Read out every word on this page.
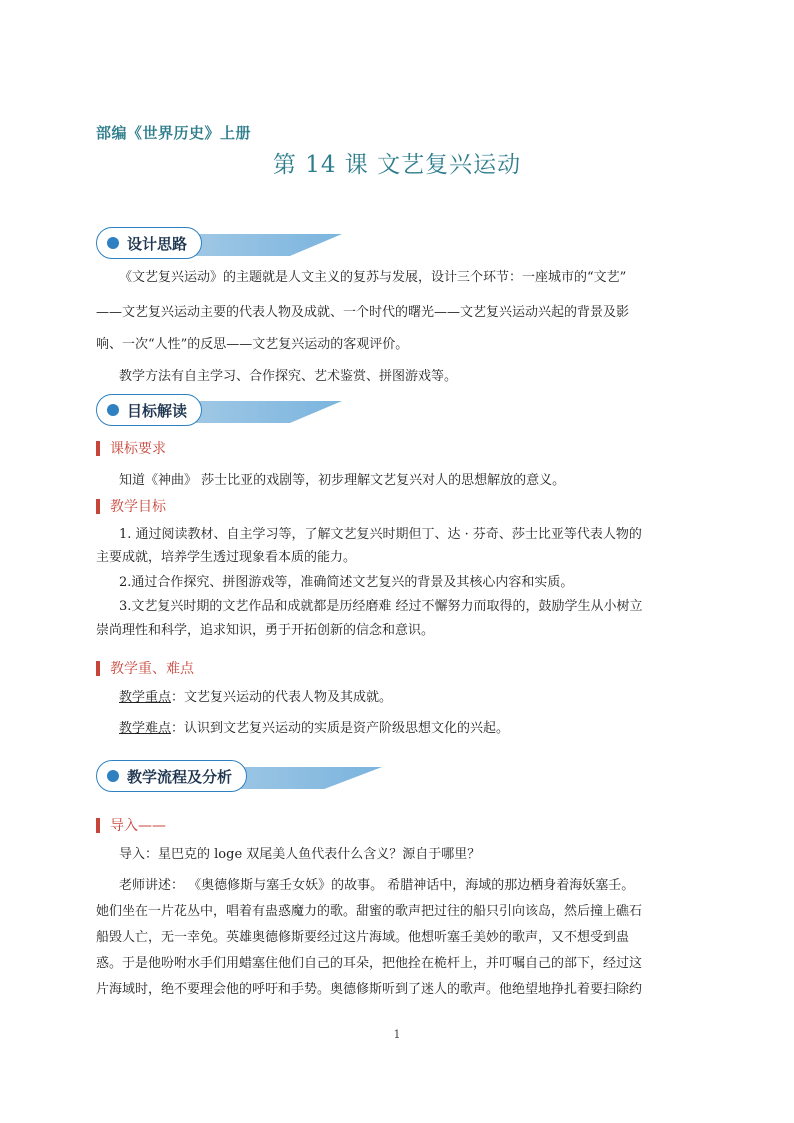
部编《世界历史》上册
第 14 课 文艺复兴运动
设计思路
《文艺复兴运动》的主题就是人文主义的复苏与发展，设计三个环节：一座城市的“文艺”
——文艺复兴运动主要的代表人物及成就、一个时代的曙光——文艺复兴运动兴起的背景及影
响、一次“人性”的反思——文艺复兴运动的客观评价。
教学方法有自主学习、合作探究、艺术鉴赏、拼图游戏等。
目标解读
课标要求
知道《神曲》 莎士比亚的戏剧等，初步理解文艺复兴对人的思想解放的意义。
教学目标
1. 通过阅读教材、自主学习等，了解文艺复兴时期但丁、达 · 芬奇、莎士比亚等代表人物的
主要成就，培养学生透过现象看本质的能力。
2.通过合作探究、拼图游戏等，准确简述文艺复兴的背景及其核心内容和实质。
3.文艺复兴时期的文艺作品和成就都是历经磨难 经过不懈努力而取得的，鼓励学生从小树立
崇尚理性和科学，追求知识，勇于开拓创新的信念和意识。
教学重、难点
教学重点：文艺复兴运动的代表人物及其成就。
教学难点：认识到文艺复兴运动的实质是资产阶级思想文化的兴起。
教学流程及分析
导入——
导入：星巴克的 loge 双尾美人鱼代表什么含义？源自于哪里？
老师讲述： 《奥德修斯与塞壬女妖》的故事。 希腊神话中，海域的那边栖身着海妖塞壬。
她们坐在一片花丛中，唱着有蛊惑魔力的歌。甜蜜的歌声把过往的船只引向该岛，然后撞上礁石
船毁人亡，无一幸免。英雄奥德修斯要经过这片海域。他想听塞壬美妙的歌声，又不想受到蛊
惑。于是他吩咐水手们用蜡塞住他们自己的耳朵，把他拴在桅杆上，并叮嘱自己的部下，经过这
片海域时，绝不要理会他的呼吁和手势。奥德修斯听到了迷人的歌声。他绝望地挣扎着要扫除约
1
